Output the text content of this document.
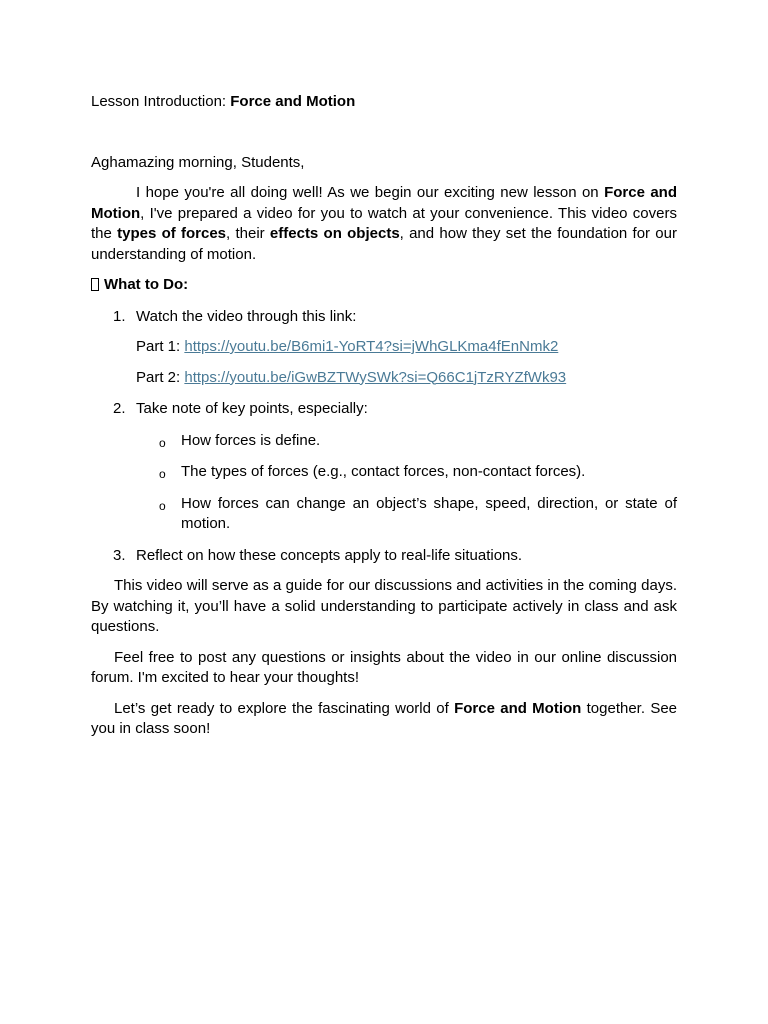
Lesson Introduction: Force and Motion

Aghamazing morning, Students,

I hope you're all doing well! As we begin our exciting new lesson on Force and Motion, I've prepared a video for you to watch at your convenience. This video covers the types of forces, their effects on objects, and how they set the foundation for our understanding of motion.

What to Do:

1. Watch the video through this link:

Part 1: https://youtu.be/B6mi1-YoRT4?si=jWhGLKma4fEnNmk2

Part 2: https://youtu.be/iGwBZTWySWk?si=Q66C1jTzRYZfWk93

2. Take note of key points, especially:
o How forces is define.
o The types of forces (e.g., contact forces, non-contact forces).
o How forces can change an object’s shape, speed, direction, or state of motion.
3. Reflect on how these concepts apply to real-life situations.

This video will serve as a guide for our discussions and activities in the coming days. By watching it, you’ll have a solid understanding to participate actively in class and ask questions.

Feel free to post any questions or insights about the video in our online discussion forum. I'm excited to hear your thoughts!

Let’s get ready to explore the fascinating world of Force and Motion together. See you in class soon!
